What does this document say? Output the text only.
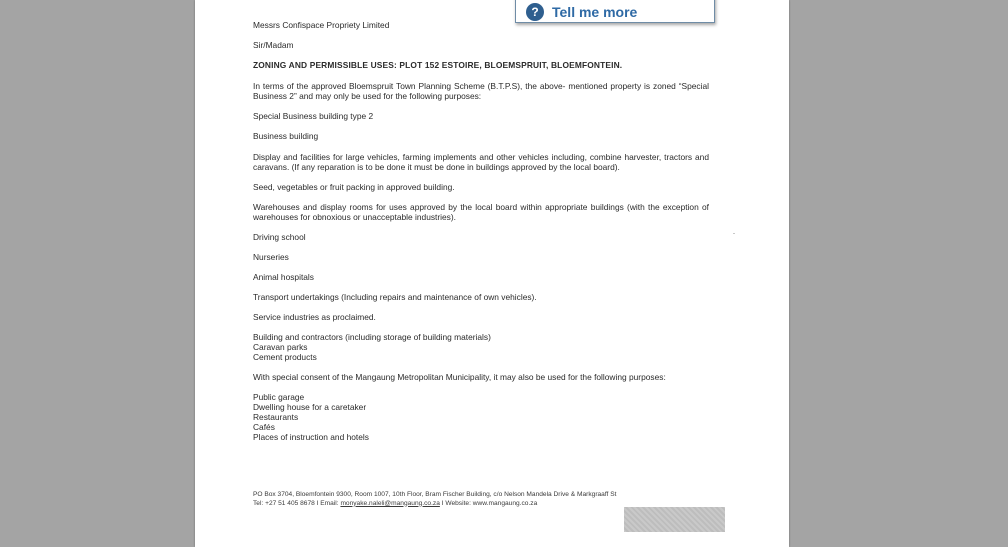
Messrs Confispace Propriety Limited
Sir/Madam
ZONING AND PERMISSIBLE USES: PLOT 152 ESTOIRE, BLOEMSPRUIT, BLOEMFONTEIN.
In terms of the approved Bloemspruit Town Planning Scheme (B.T.P.S), the above- mentioned property is zoned “Special Business 2” and may only be used for the following purposes:
Special Business building type 2
Business building
Display and facilities for large vehicles, farming implements and other vehicles including, combine harvester, tractors and caravans. (If any reparation is to be done it must be done in buildings approved by the local board).
Seed, vegetables or fruit packing in approved building.
Warehouses and display rooms for uses approved by the local board within appropriate buildings (with the exception of warehouses for obnoxious or unacceptable industries).
Driving school
Nurseries
Animal hospitals
Transport undertakings (Including repairs and maintenance of own vehicles).
Service industries as proclaimed.
Building and contractors (including storage of building materials)
Caravan parks
Cement products
With special consent of the Mangaung Metropolitan Municipality, it may also be used for the following purposes:
Public garage
Dwelling house for a caretaker
Restaurants
Cafés
Places of instruction and hotels
PO Box 3704, Bloemfontein 9300, Room 1007, 10th Floor, Bram Fischer Building, c/o Nelson Mandela Drive & Markgraaff St
Tel: +27 51 405 8678 I Email: monyake.naleli@mangaung.co.za I Website: www.mangaung.co.za
? Tell me more
